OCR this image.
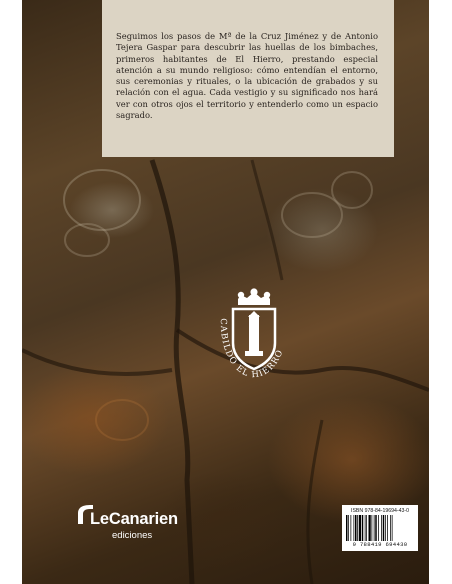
Seguimos los pasos de Mª de la Cruz Jiménez y de Antonio Tejera Gaspar para descubrir las huellas de los bimbaches, primeros habitantes de El Hierro, prestando especial atención a su mundo religioso: cómo entendían el entorno, sus ceremonias y rituales, o la ubicación de grabados y su relación con el agua. Cada vestigio y su significado nos hará ver con otros ojos el territorio y entenderlo como un espacio sagrado.

CABILDO EL HIERRO
LeCanarien
ediciones
ISBN 978-84-19694-43-0
9 788419 694430
